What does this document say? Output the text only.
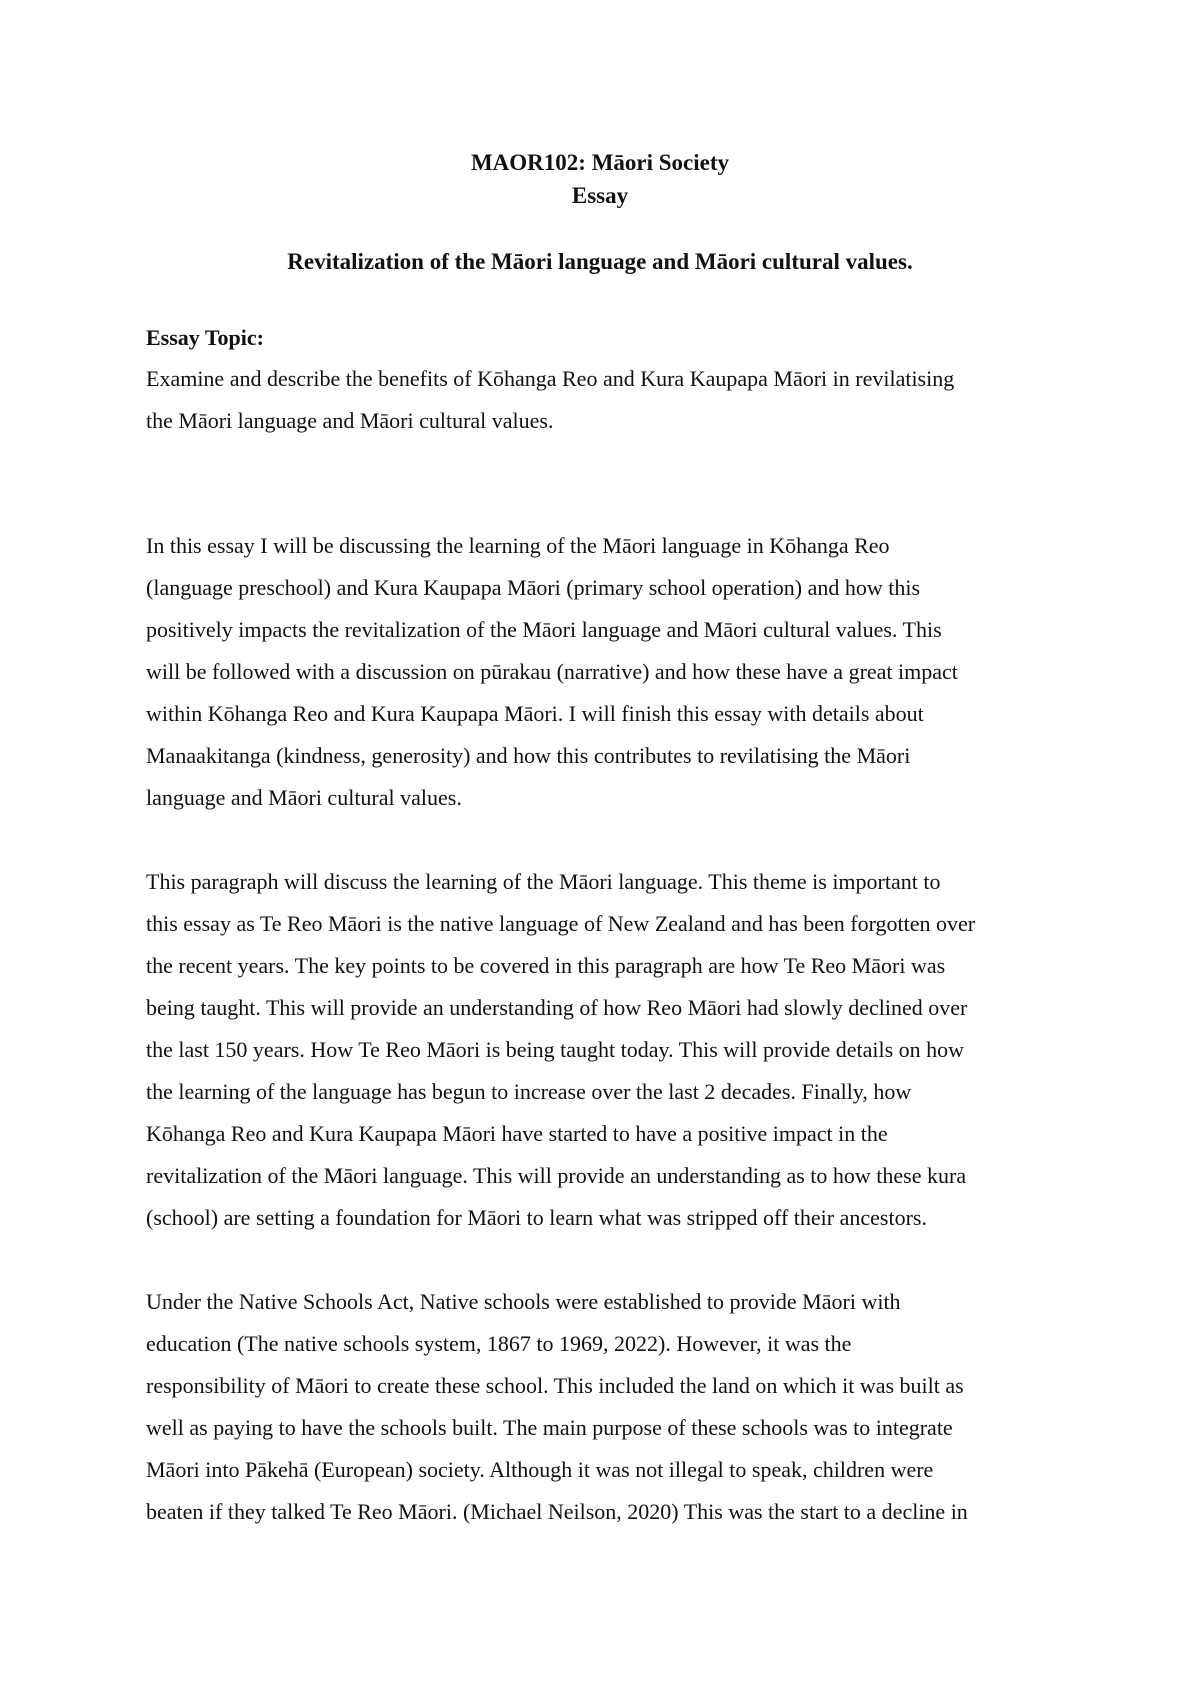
MAOR102: Māori Society
Essay
Revitalization of the Māori language and Māori cultural values.
Essay Topic:
Examine and describe the benefits of Kōhanga Reo and Kura Kaupapa Māori in revilatising
the Māori language and Māori cultural values.
In this essay I will be discussing the learning of the Māori language in Kōhanga Reo
(language preschool) and Kura Kaupapa Māori (primary school operation) and how this
positively impacts the revitalization of the Māori language and Māori cultural values. This
will be followed with a discussion on pūrakau (narrative) and how these have a great impact
within Kōhanga Reo and Kura Kaupapa Māori. I will finish this essay with details about
Manaakitanga (kindness, generosity) and how this contributes to revilatising the Māori
language and Māori cultural values.
This paragraph will discuss the learning of the Māori language. This theme is important to
this essay as Te Reo Māori is the native language of New Zealand and has been forgotten over
the recent years. The key points to be covered in this paragraph are how Te Reo Māori was
being taught. This will provide an understanding of how Reo Māori had slowly declined over
the last 150 years. How Te Reo Māori is being taught today. This will provide details on how
the learning of the language has begun to increase over the last 2 decades. Finally, how
Kōhanga Reo and Kura Kaupapa Māori have started to have a positive impact in the
revitalization of the Māori language. This will provide an understanding as to how these kura
(school) are setting a foundation for Māori to learn what was stripped off their ancestors.
Under the Native Schools Act, Native schools were established to provide Māori with
education (The native schools system, 1867 to 1969, 2022). However, it was the
responsibility of Māori to create these school. This included the land on which it was built as
well as paying to have the schools built. The main purpose of these schools was to integrate
Māori into Pākehā (European) society. Although it was not illegal to speak, children were
beaten if they talked Te Reo Māori. (Michael Neilson, 2020) This was the start to a decline in
